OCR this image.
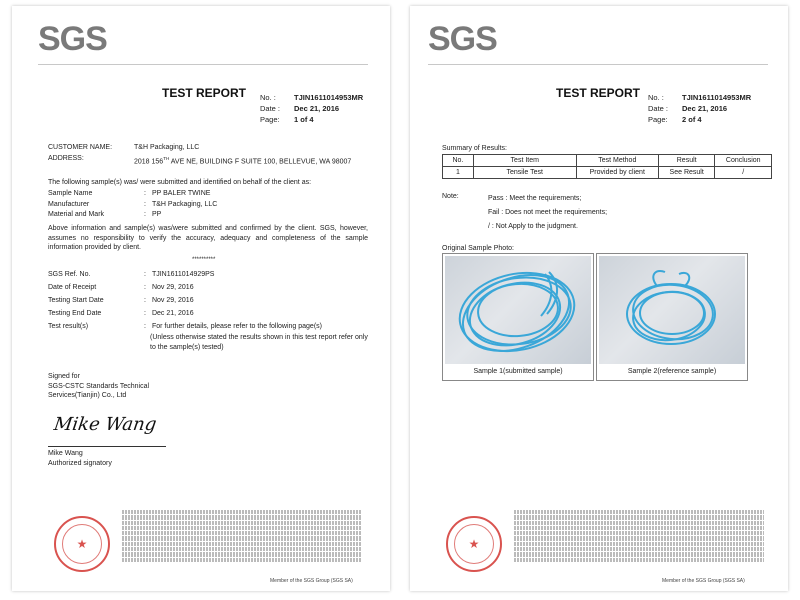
SGS
TEST REPORT No. :	TJIN1611014953MR
Date :	Dec 21, 2016
Page:	1 of 4
CUSTOMER NAME:	T&H Packaging, LLC
ADDRESS:	2018 156TH AVE NE, BUILDING F SUITE 100, BELLEVUE, WA 98007
The following sample(s) was/ were submitted and identified on behalf of the client as:
Sample Name	: PP BALER TWINE
Manufacturer	: T&H Packaging, LLC
Material and Mark	: PP
Above information and sample(s) was/were submitted and confirmed by the client. SGS, however, assumes no responsibility to verify the accuracy, adequacy and completeness of the sample information provided by client.
**********
SGS Ref. No.	: TJIN1611014929PS
Date of Receipt	: Nov 29, 2016
Testing Start Date	: Nov 29, 2016
Testing End Date	: Dec 21, 2016
Test result(s)	: For further details, please refer to the following page(s)
(Unless otherwise stated the results shown in this test report refer only to the sample(s) tested)
Signed for
SGS-CSTC Standards Technical
Services(Tianjin) Co., Ltd
Mike Wang
Mike Wang
Authorized signatory
★
Member of the SGS Group (SGS SA)
SGS
TEST REPORT No. :	TJIN1611014953MR
Date :	Dec 21, 2016
Page:	2 of 4
Summary of Results:
No.	Test Item	Test Method	Result	Conclusion
1	Tensile Test	Provided by client	See Result	/
Note:	Pass : Meet the requirements;
Fail : Does not meet the requirements;
/ : Not Apply to the judgment.
Original Sample Photo:
Sample 1(submitted sample)	Sample 2(reference sample)
★
Member of the SGS Group (SGS SA)
